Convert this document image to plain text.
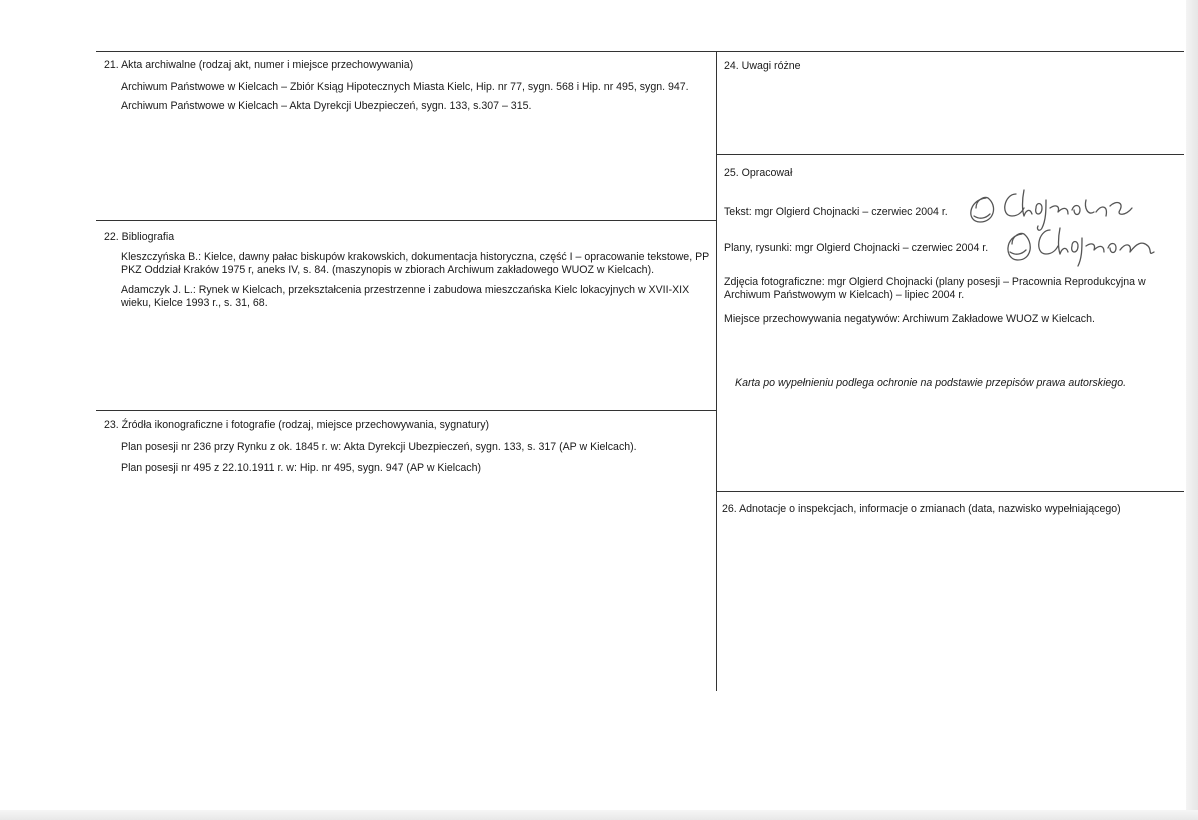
21. Akta archiwalne (rodzaj akt, numer i miejsce przechowywania)
Archiwum Państwowe w Kielcach – Zbiór Ksiąg Hipotecznych Miasta Kielc, Hip. nr 77, sygn. 568 i Hip. nr 495, sygn. 947.
Archiwum Państwowe w Kielcach – Akta Dyrekcji Ubezpieczeń, sygn. 133, s.307 – 315.
22. Bibliografia
Kleszczyńska B.: Kielce, dawny pałac biskupów krakowskich, dokumentacja historyczna, część I – opracowanie tekstowe, PP PKZ Oddział Kraków 1975 r, aneks IV, s. 84. (maszynopis w zbiorach Archiwum zakładowego WUOZ w Kielcach).
Adamczyk J. L.: Rynek w Kielcach, przekształcenia przestrzenne i zabudowa mieszczańska Kielc lokacyjnych w XVII-XIX wieku, Kielce 1993 r., s. 31, 68.
23. Źródła ikonograficzne i fotografie (rodzaj, miejsce przechowywania, sygnatury)
Plan posesji nr 236 przy Rynku z ok. 1845 r. w: Akta Dyrekcji Ubezpieczeń, sygn. 133, s. 317 (AP w Kielcach).
Plan posesji nr 495 z 22.10.1911 r. w: Hip. nr 495, sygn. 947 (AP w Kielcach)
24. Uwagi różne
25. Opracował
Tekst: mgr Olgierd Chojnacki – czerwiec 2004 r.
Plany, rysunki: mgr Olgierd Chojnacki – czerwiec 2004 r.
Zdjęcia fotograficzne: mgr Olgierd Chojnacki (plany posesji – Pracownia Reprodukcyjna w Archiwum Państwowym w Kielcach) – lipiec 2004 r.
Miejsce przechowywania negatywów: Archiwum Zakładowe WUOZ w Kielcach.
Karta po wypełnieniu podlega ochronie na podstawie przepisów prawa autorskiego.
26. Adnotacje o inspekcjach, informacje o zmianach (data, nazwisko wypełniającego)
